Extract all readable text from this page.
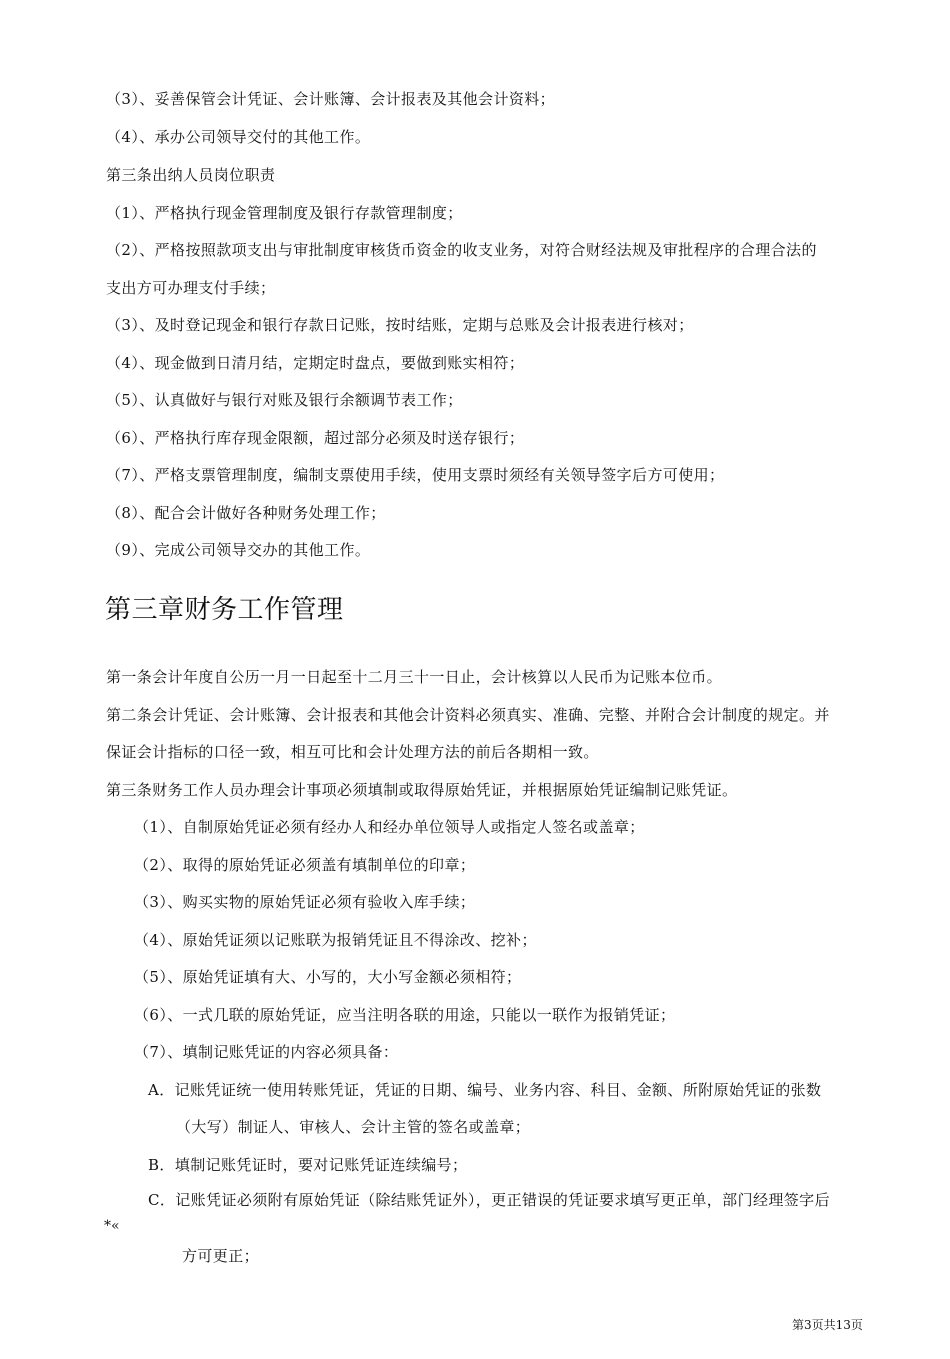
（3）、妥善保管会计凭证、会计账簿、会计报表及其他会计资料；
（4）、承办公司领导交付的其他工作。
第三条出纳人员岗位职责
（1）、严格执行现金管理制度及银行存款管理制度；
（2）、严格按照款项支出与审批制度审核货币资金的收支业务，对符合财经法规及审批程序的合理合法的
支出方可办理支付手续；
（3）、及时登记现金和银行存款日记账，按时结账，定期与总账及会计报表进行核对；
（4）、现金做到日清月结，定期定时盘点，要做到账实相符；
（5）、认真做好与银行对账及银行余额调节表工作；
（6）、严格执行库存现金限额，超过部分必须及时送存银行；
（7）、严格支票管理制度，编制支票使用手续，使用支票时须经有关领导签字后方可使用；
（8）、配合会计做好各种财务处理工作；
（9）、完成公司领导交办的其他工作。
第三章财务工作管理
第一条会计年度自公历一月一日起至十二月三十一日止，会计核算以人民币为记账本位币。
第二条会计凭证、会计账簿、会计报表和其他会计资料必须真实、准确、完整、并附合会计制度的规定。并
保证会计指标的口径一致，相互可比和会计处理方法的前后各期相一致。
第三条财务工作人员办理会计事项必须填制或取得原始凭证，并根据原始凭证编制记账凭证。
（1）、自制原始凭证必须有经办人和经办单位领导人或指定人签名或盖章；
（2）、取得的原始凭证必须盖有填制单位的印章；
（3）、购买实物的原始凭证必须有验收入库手续；
（4）、原始凭证须以记账联为报销凭证且不得涂改、挖补；
（5）、原始凭证填有大、小写的，大小写金额必须相符；
（6）、一式几联的原始凭证，应当注明各联的用途，只能以一联作为报销凭证；
（7）、填制记账凭证的内容必须具备：
A．记账凭证统一使用转账凭证，凭证的日期、编号、业务内容、科目、金额、所附原始凭证的张数
（大写）制证人、审核人、会计主管的签名或盖章；
B．填制记账凭证时，要对记账凭证连续编号；
C．记账凭证必须附有原始凭证（除结账凭证外），更正错误的凭证要求填写更正单，部门经理签字后
*«
方可更正；
第3页共13页
